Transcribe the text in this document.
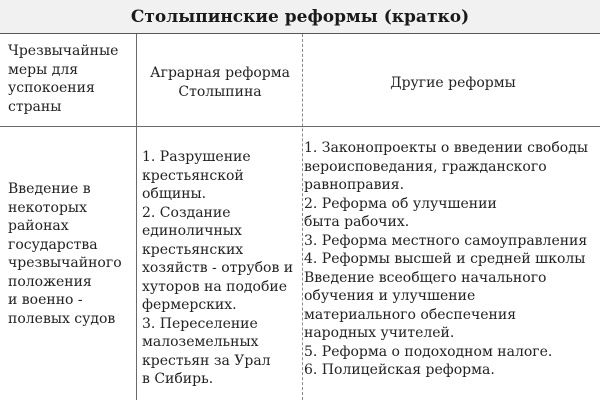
Столыпинские реформы (кратко)
Чрезвычайные
меры для
успокоения
страны
Аграрная реформа
Столыпина
Другие реформы
Введение в
некоторых
районах
государства
чрезвычайного
положения
и военно -
полевых судов
1. Разрушение
крестьянской
общины.
2. Создание
единоличных
крестьянских
хозяйств - отрубов и
хуторов на подобие
фермерских.
3. Переселение
малоземельных
крестьян за Урал
в Сибирь.
1. Законопроекты о введении свободы
вероисповедания, гражданского
равноправия.
2. Реформа об улучшении
быта рабочих.
3. Реформа местного самоуправления
4. Реформы высшей и средней школы
Введение всеобщего начального
обучения и улучшение
материального обеспечения
народных учителей.
5. Реформа о подоходном налоге.
6. Полицейская реформа.
